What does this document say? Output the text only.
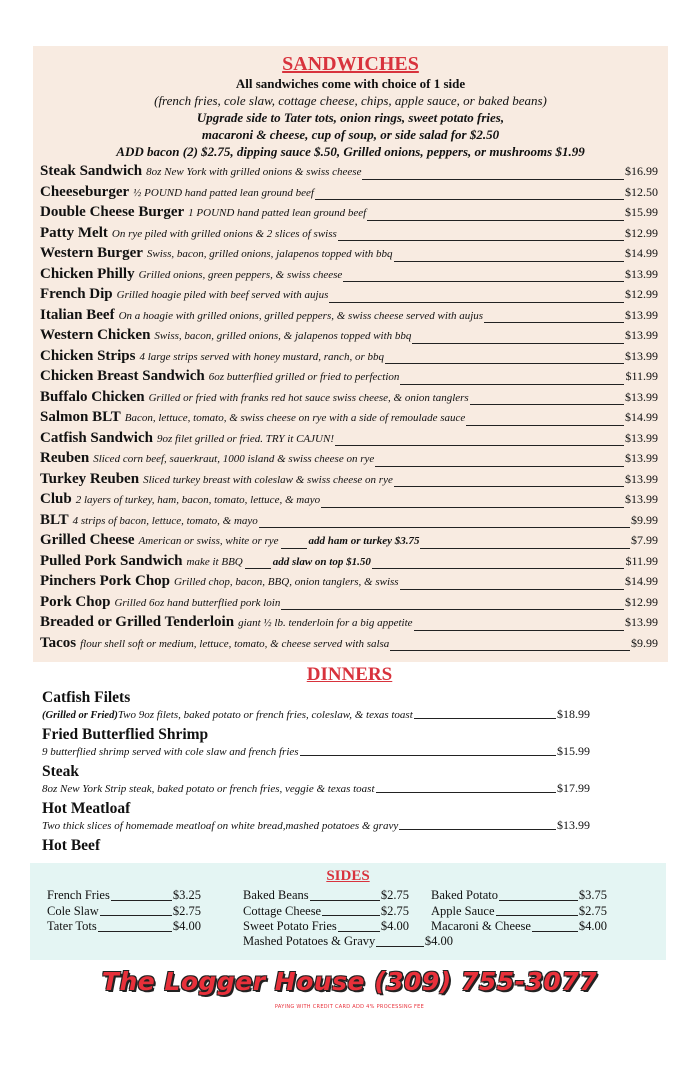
SANDWICHES
All sandwiches come with choice of 1 side
(french fries, cole slaw, cottage cheese, chips, apple sauce, or baked beans)
Upgrade side to Tater tots, onion rings, sweet potato fries,
macaroni & cheese, cup of soup, or side salad for $2.50
ADD bacon (2) $2.75, dipping sauce $.50, Grilled onions, peppers, or mushrooms $1.99
Steak Sandwich 8oz New York with grilled onions & swiss cheese	$16.99
Cheeseburger ½ POUND hand patted lean ground beef	$12.50
Double Cheese Burger 1 POUND hand patted lean ground beef	$15.99
Patty Melt On rye piled with grilled onions & 2 slices of swiss	$12.99
Western Burger Swiss, bacon, grilled onions, jalapenos topped with bbq	$14.99
Chicken Philly Grilled onions, green peppers, & swiss cheese	$13.99
French Dip Grilled hoagie piled with beef served with aujus	$12.99
Italian Beef On a hoagie with grilled onions, grilled peppers, & swiss cheese served with aujus	$13.99
Western Chicken Swiss, bacon, grilled onions, & jalapenos topped with bbq	$13.99
Chicken Strips 4 large strips served with honey mustard, ranch, or bbq	$13.99
Chicken Breast Sandwich 6oz butterflied grilled or fried to perfection	$11.99
Buffalo Chicken Grilled or fried with franks red hot sauce swiss cheese, & onion tanglers	$13.99
Salmon BLT Bacon, lettuce, tomato, & swiss cheese on rye with a side of remoulade sauce	$14.99
Catfish Sandwich 9oz filet grilled or fried. TRY it CAJUN!	$13.99
Reuben Sliced corn beef, sauerkraut, 1000 island & swiss cheese on rye	$13.99
Turkey Reuben Sliced turkey breast with coleslaw & swiss cheese on rye	$13.99
Club 2 layers of turkey, ham, bacon, tomato, lettuce, & mayo	$13.99
BLT 4 strips of bacon, lettuce, tomato, & mayo	$9.99
Grilled Cheese American or swiss, white or rye	add ham or turkey $3.75	$7.99
Pulled Pork Sandwich make it BBQ	add slaw on top $1.50	$11.99
Pinchers Pork Chop Grilled chop, bacon, BBQ, onion tanglers, & swiss	$14.99
Pork Chop Grilled 6oz hand butterflied pork loin	$12.99
Breaded or Grilled Tenderloin giant ½ lb. tenderloin for a big appetite	$13.99
Tacos flour shell soft or medium, lettuce, tomato, & cheese served with salsa	$9.99
DINNERS
Catfish Filets
(Grilled or Fried) Two 9oz filets, baked potato or french fries, coleslaw, & texas toast	$18.99
Fried Butterflied Shrimp
9 butterflied shrimp served with cole slaw and french fries	$15.99
Steak
8oz New York Strip steak, baked potato or french fries, veggie & texas toast	$17.99
Hot Meatloaf
Two thick slices of homemade meatloaf on white bread,mashed potatoes & gravy	$13.99
Hot Beef
SIDES
Mashed Potatoes & Gravy	$4.00
French Fries	$3.25
Cole Slaw	$2.75
Tater Tots	$4.00
Baked Beans	$2.75
Cottage Cheese	$2.75
Sweet Potato Fries	$4.00
Baked Potato	$3.75
Apple Sauce	$2.75
Macaroni & Cheese	$4.00
The Logger House (309) 755-3077
PAYING WITH CREDIT CARD ADD 4% PROCESSING FEE
